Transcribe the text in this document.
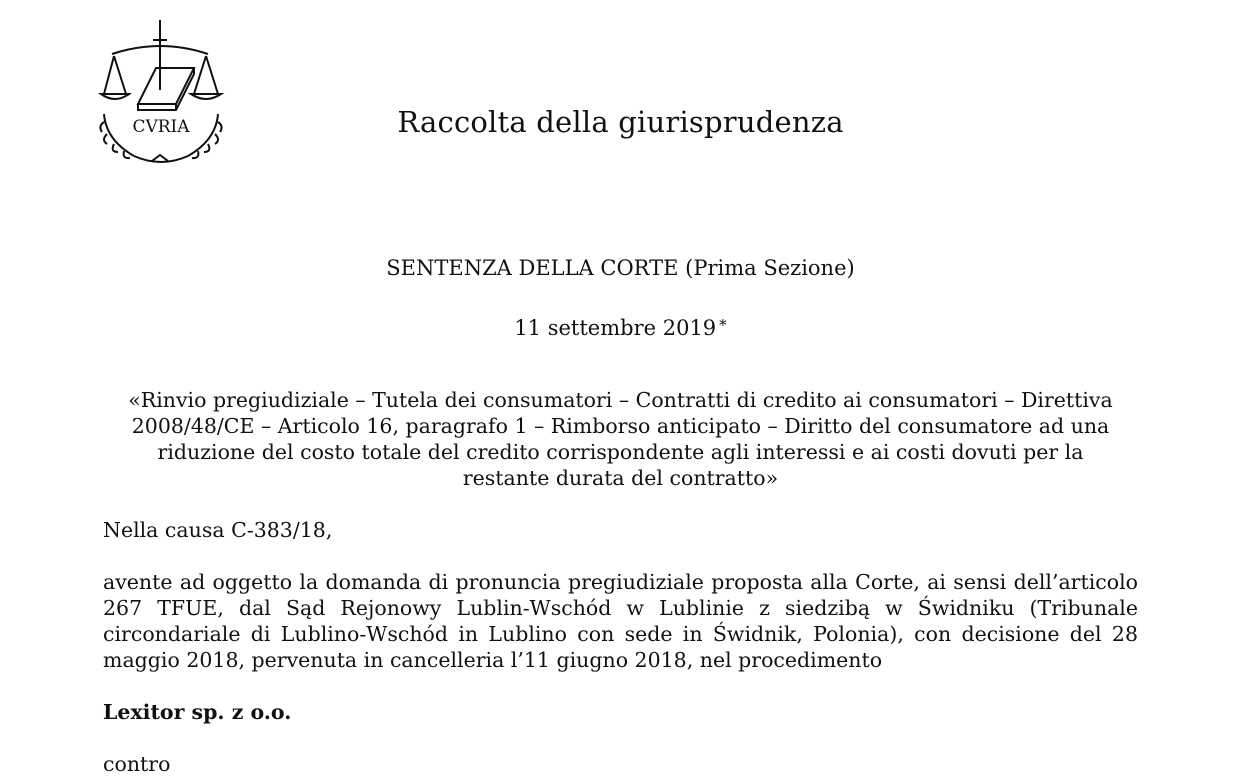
CVRIA	Raccolta della giurisprudenza
SENTENZA DELLA CORTE (Prima Sezione)
11 settembre 2019 *
«Rinvio pregiudiziale – Tutela dei consumatori – Contratti di credito ai consumatori – Direttiva 2008/48/CE – Articolo 16, paragrafo 1 – Rimborso anticipato – Diritto del consumatore ad una riduzione del costo totale del credito corrispondente agli interessi e ai costi dovuti per la restante durata del contratto»
Nella causa C‑383/18,
avente ad oggetto la domanda di pronuncia pregiudiziale proposta alla Corte, ai sensi dell’articolo 267 TFUE, dal Sąd Rejonowy Lublin‑Wschód w Lublinie z siedzibą w Świdniku (Tribunale circondariale di Lublino‑Wschód in Lublino con sede in Świdnik, Polonia), con decisione del 28 maggio 2018, pervenuta in cancelleria l’11 giugno 2018, nel procedimento
Lexitor sp. z o.o.
contro
